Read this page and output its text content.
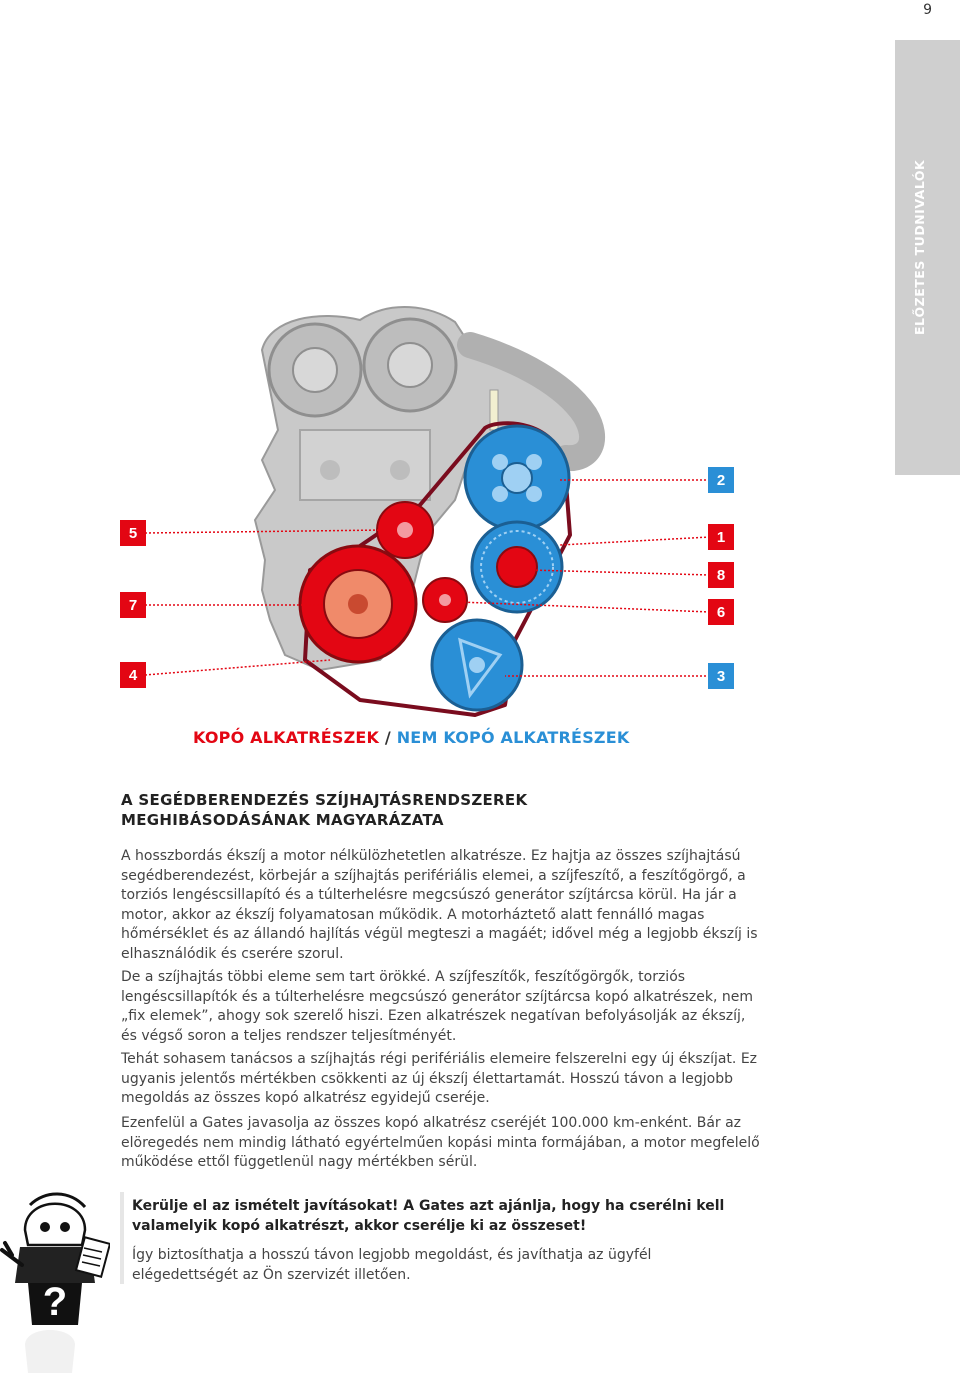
9
ELŐZETES TUDNIVALÓK
5
7
4
2
1
8
6
3
KOPÓ ALKATRÉSZEK / NEM KOPÓ ALKATRÉSZEK
A SEGÉDBERENDEZÉS SZÍJHAJTÁSRENDSZEREK
MEGHIBÁSODÁSÁNAK MAGYARÁZATA

A hosszbordás ékszíj a motor nélkülözhetetlen alkatrésze. Ez hajtja az összes szíjhajtású segédberendezést, körbejár a szíjhajtás perifériális elemei, a szíjfeszítő, a feszítőgörgő, a torziós lengéscsillapító és a túlterhelésre megcsúszó generátor szíjtárcsa körül. Ha jár a motor, akkor az ékszíj folyamatosan működik. A motorháztető alatt fennálló magas hőmérséklet és az állandó hajlítás végül megteszi a magáét; idővel még a legjobb ékszíj is elhasználódik és cserére szorul.

De a szíjhajtás többi eleme sem tart örökké. A szíjfeszítők, feszítőgörgők, torziós lengéscsillapítók és a túlterhelésre megcsúszó generátor szíjtárcsa kopó alkatrészek, nem „fix elemek”, ahogy sok szerelő hiszi. Ezen alkatrészek negatívan befolyásolják az ékszíj, és végső soron a teljes rendszer teljesítményét.

Tehát sohasem tanácsos a szíjhajtás régi perifériális elemeire felszerelni egy új ékszíjat. Ez ugyanis jelentős mértékben csökkenti az új ékszíj élettartamát. Hosszú távon a legjobb megoldás az összes kopó alkatrész egyidejű cseréje.

Ezenfelül a Gates javasolja az összes kopó alkatrész cseréjét 100.000 km-enként. Bár az elöregedés nem mindig látható egyértelműen kopási minta formájában, a motor megfelelő működése ettől függetlenül nagy mértékben sérül.

?

Kerülje el az ismételt javításokat! A Gates azt ajánlja, hogy ha cserélni kell valamelyik kopó alkatrészt, akkor cserélje ki az összeset!

Így biztosíthatja a hosszú távon legjobb megoldást, és javíthatja az ügyfél elégedettségét az Ön szervizét illetően.
